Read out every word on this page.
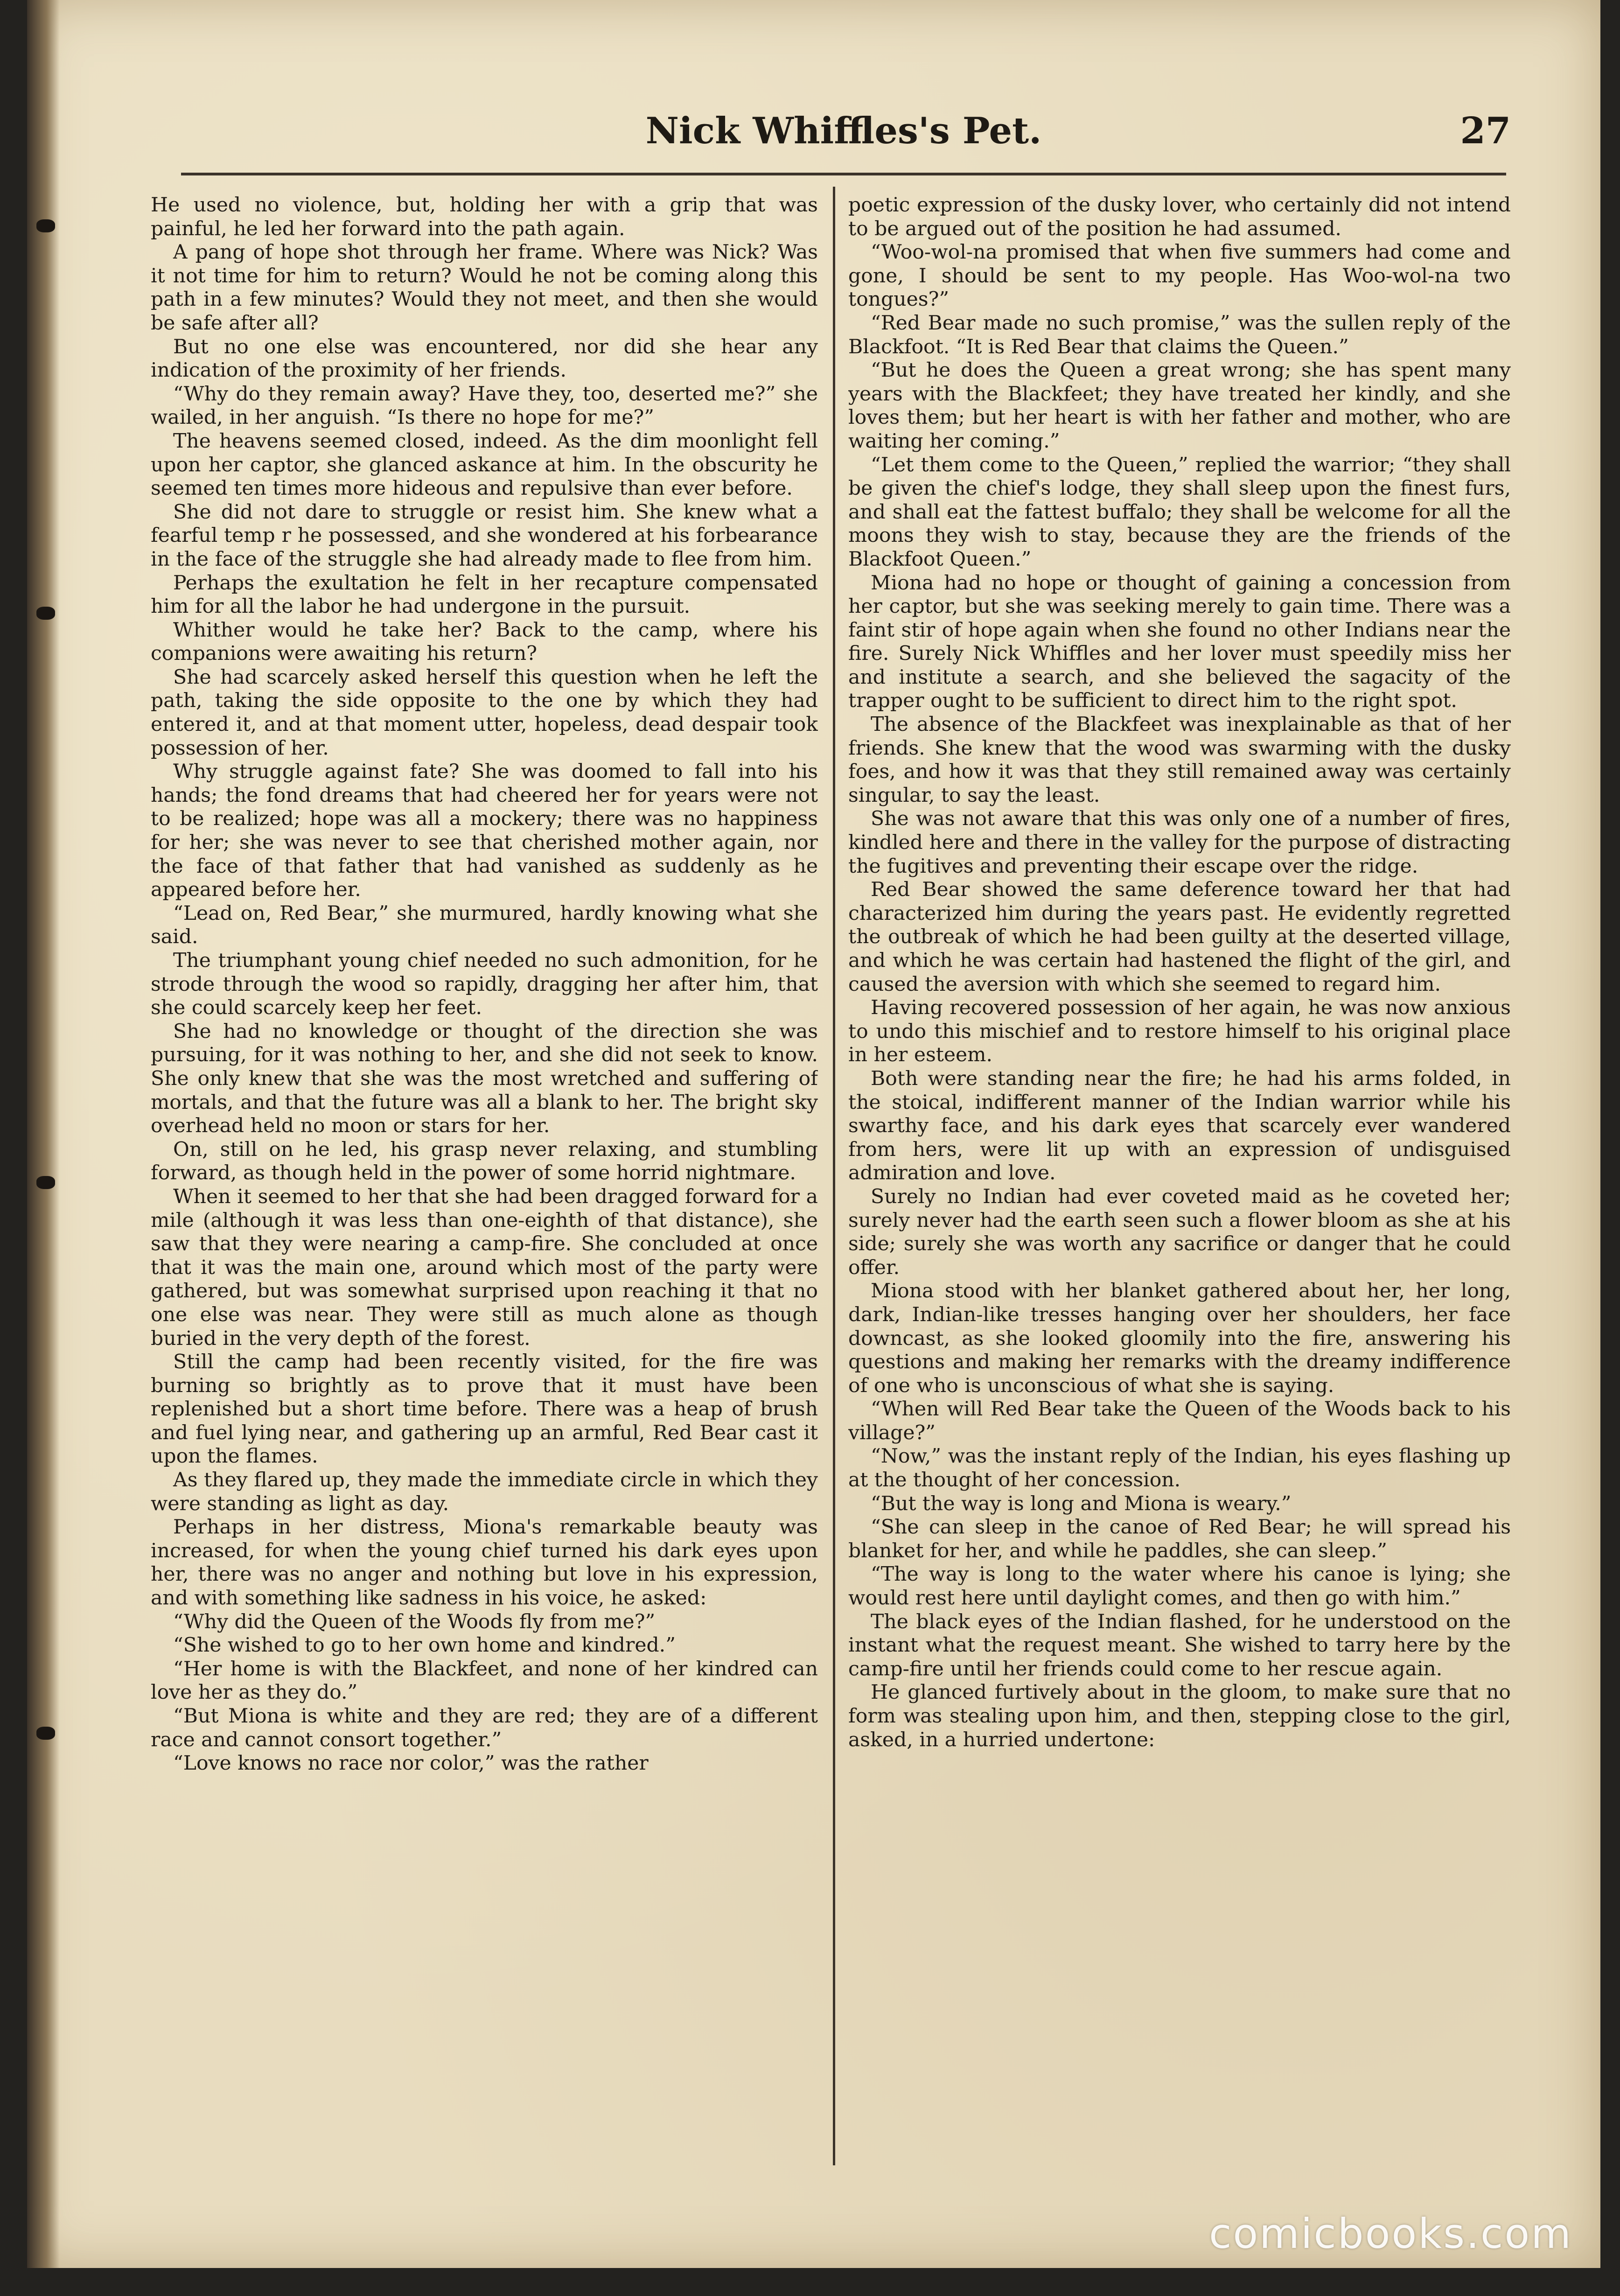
Nick Whiffles's Pet.	27

He used no violence, but, holding her with a grip that was painful, he led her forward into the path again.

A pang of hope shot through her frame. Where was Nick? Was it not time for him to return? Would he not be coming along this path in a few minutes? Would they not meet, and then she would be safe after all?

But no one else was encountered, nor did she hear any indication of the proximity of her friends.

“Why do they remain away? Have they, too, deserted me?” she wailed, in her anguish. “Is there no hope for me?”

The heavens seemed closed, indeed. As the dim moonlight fell upon her captor, she glanced askance at him. In the obscurity he seemed ten times more hideous and repulsive than ever before.

She did not dare to struggle or resist him. She knew what a fearful temp r he possessed, and she wondered at his forbearance in the face of the struggle she had already made to flee from him.

Perhaps the exultation he felt in her recapture compensated him for all the labor he had undergone in the pursuit.

Whither would he take her? Back to the camp, where his companions were awaiting his return?

She had scarcely asked herself this question when he left the path, taking the side opposite to the one by which they had entered it, and at that moment utter, hopeless, dead despair took possession of her.

Why struggle against fate? She was doomed to fall into his hands; the fond dreams that had cheered her for years were not to be realized; hope was all a mockery; there was no happiness for her; she was never to see that cherished mother again, nor the face of that father that had vanished as suddenly as he appeared before her.

“Lead on, Red Bear,” she murmured, hardly knowing what she said.

The triumphant young chief needed no such admonition, for he strode through the wood so rapidly, dragging her after him, that she could scarcely keep her feet.

She had no knowledge or thought of the direction she was pursuing, for it was nothing to her, and she did not seek to know. She only knew that she was the most wretched and suffering of mortals, and that the future was all a blank to her. The bright sky overhead held no moon or stars for her.

On, still on he led, his grasp never relaxing, and stumbling forward, as though held in the power of some horrid nightmare.

When it seemed to her that she had been dragged forward for a mile (although it was less than one-eighth of that distance), she saw that they were nearing a camp-fire. She concluded at once that it was the main one, around which most of the party were gathered, but was somewhat surprised upon reaching it that no one else was near. They were still as much alone as though buried in the very depth of the forest.

Still the camp had been recently visited, for the fire was burning so brightly as to prove that it must have been replenished but a short time before. There was a heap of brush and fuel lying near, and gathering up an armful, Red Bear cast it upon the flames.

As they flared up, they made the immediate circle in which they were standing as light as day.

Perhaps in her distress, Miona's remarkable beauty was increased, for when the young chief turned his dark eyes upon her, there was no anger and nothing but love in his expression, and with something like sadness in his voice, he asked:

“Why did the Queen of the Woods fly from me?”

“She wished to go to her own home and kindred.”

“Her home is with the Blackfeet, and none of her kindred can love her as they do.”

“But Miona is white and they are red; they are of a different race and cannot consort together.”

“Love knows no race nor color,” was the rather

poetic expression of the dusky lover, who certainly did not intend to be argued out of the position he had assumed.

“Woo-wol-na promised that when five summers had come and gone, I should be sent to my people. Has Woo-wol-na two tongues?”

“Red Bear made no such promise,” was the sullen reply of the Blackfoot. “It is Red Bear that claims the Queen.”

“But he does the Queen a great wrong; she has spent many years with the Blackfeet; they have treated her kindly, and she loves them; but her heart is with her father and mother, who are waiting her coming.”

“Let them come to the Queen,” replied the warrior; “they shall be given the chief's lodge, they shall sleep upon the finest furs, and shall eat the fattest buffalo; they shall be welcome for all the moons they wish to stay, because they are the friends of the Blackfoot Queen.”

Miona had no hope or thought of gaining a concession from her captor, but she was seeking merely to gain time. There was a faint stir of hope again when she found no other Indians near the fire. Surely Nick Whiffles and her lover must speedily miss her and institute a search, and she believed the sagacity of the trapper ought to be sufficient to direct him to the right spot.

The absence of the Blackfeet was inexplainable as that of her friends. She knew that the wood was swarming with the dusky foes, and how it was that they still remained away was certainly singular, to say the least.

She was not aware that this was only one of a number of fires, kindled here and there in the valley for the purpose of distracting the fugitives and preventing their escape over the ridge.

Red Bear showed the same deference toward her that had characterized him during the years past. He evidently regretted the outbreak of which he had been guilty at the deserted village, and which he was certain had hastened the flight of the girl, and caused the aversion with which she seemed to regard him.

Having recovered possession of her again, he was now anxious to undo this mischief and to restore himself to his original place in her esteem.

Both were standing near the fire; he had his arms folded, in the stoical, indifferent manner of the Indian warrior while his swarthy face, and his dark eyes that scarcely ever wandered from hers, were lit up with an expression of undisguised admiration and love.

Surely no Indian had ever coveted maid as he coveted her; surely never had the earth seen such a flower bloom as she at his side; surely she was worth any sacrifice or danger that he could offer.

Miona stood with her blanket gathered about her, her long, dark, Indian-like tresses hanging over her shoulders, her face downcast, as she looked gloomily into the fire, answering his questions and making her remarks with the dreamy indifference of one who is unconscious of what she is saying.

“When will Red Bear take the Queen of the Woods back to his village?”

“Now,” was the instant reply of the Indian, his eyes flashing up at the thought of her concession.

“But the way is long and Miona is weary.”

“She can sleep in the canoe of Red Bear; he will spread his blanket for her, and while he paddles, she can sleep.”

“The way is long to the water where his canoe is lying; she would rest here until daylight comes, and then go with him.”

The black eyes of the Indian flashed, for he understood on the instant what the request meant. She wished to tarry here by the camp-fire until her friends could come to her rescue again.

He glanced furtively about in the gloom, to make sure that no form was stealing upon him, and then, stepping close to the girl, asked, in a hurried undertone:

comicbooks.com
